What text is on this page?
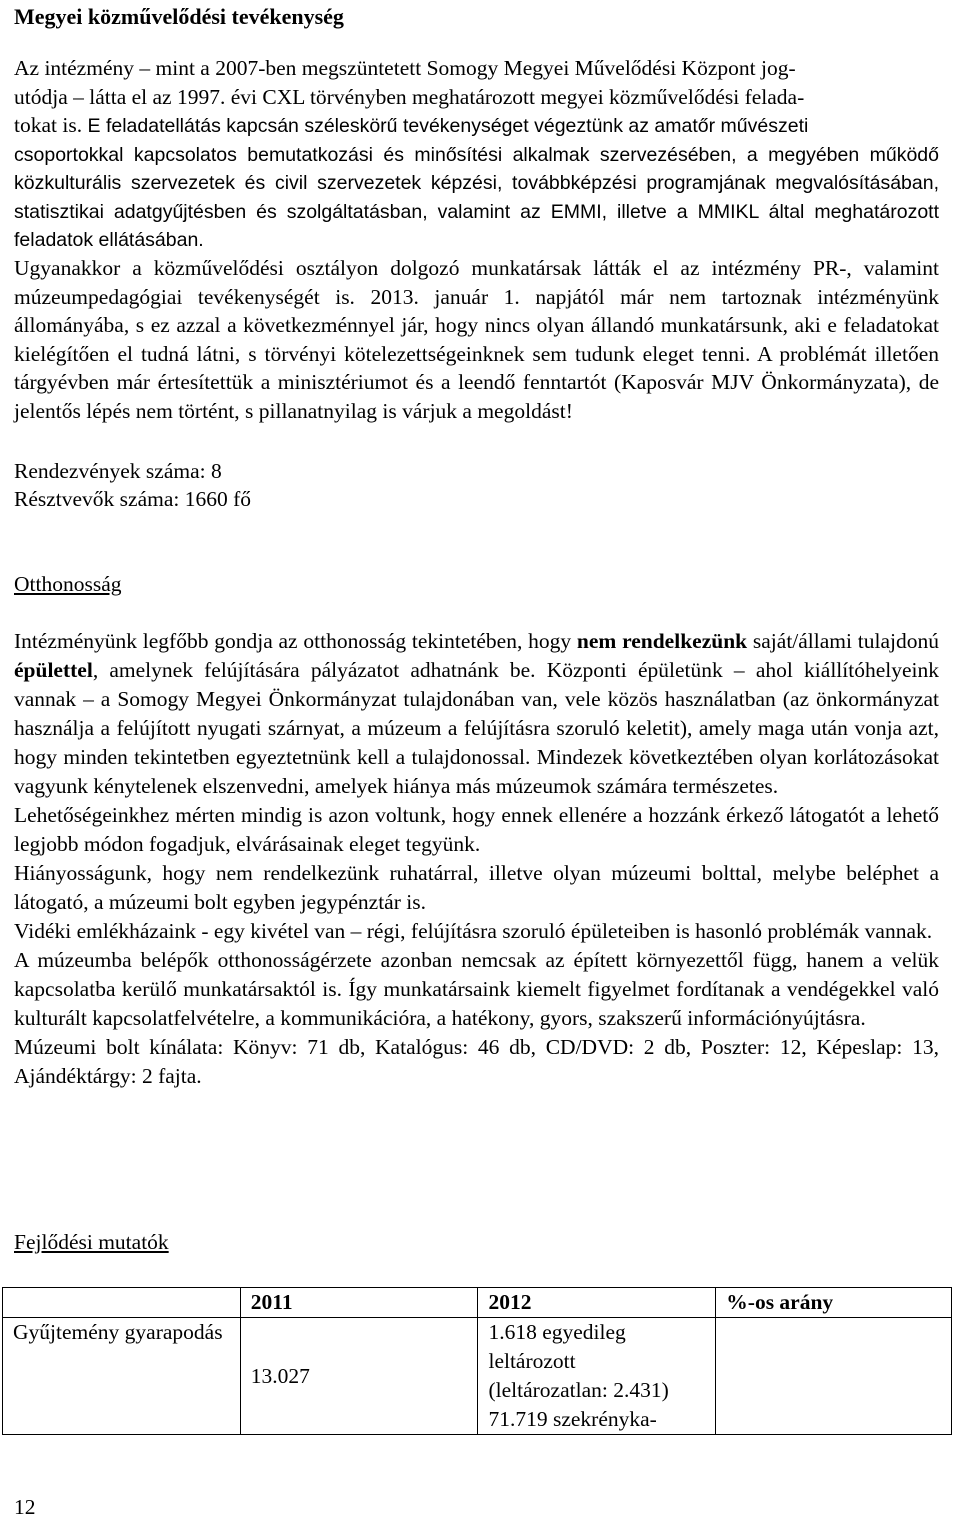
Megyei közművelődési tevékenység

Az intézmény – mint a 2007-ben megszüntetett Somogy Megyei Művelődési Központ jog-

utódja – látta el az 1997. évi CXL törvényben meghatározott megyei közművelődési felada-

tokat is. E feladatellátás kapcsán széleskörű tevékenységet végeztünk az amatőr művészeti

csoportokkal kapcsolatos bemutatkozási és minősítési alkalmak szervezésében, a megyében működő közkulturális szervezetek és civil szervezetek képzési, továbbképzési programjának megvalósításában, statisztikai adatgyűjtésben és szolgáltatásban, valamint az EMMI, illetve a MMIKL által meghatározott feladatok ellátásában.

Ugyanakkor a közművelődési osztályon dolgozó munkatársak látták el az intézmény PR-, valamint múzeumpedagógiai tevékenységét is. 2013. január 1. napjától már nem tartoznak intézményünk állományába, s ez azzal a következménnyel jár, hogy nincs olyan állandó munkatársunk, aki e feladatokat kielégítően el tudná látni, s törvényi kötelezettségeinknek sem tudunk eleget tenni. A problémát illetően tárgyévben már értesítettük a minisztériumot és a leendő fenntartót (Kaposvár MJV Önkormányzata), de jelentős lépés nem történt, s pillanatnyilag is várjuk a megoldást!

Rendezvények száma: 8
Résztvevők száma: 1660 fő
Otthonosság

Intézményünk legfőbb gondja az otthonosság tekintetében, hogy nem rendelkezünk saját/állami tulajdonú épülettel, amelynek felújítására pályázatot adhatnánk be. Központi épületünk – ahol kiállítóhelyeink vannak – a Somogy Megyei Önkormányzat tulajdonában van, vele közös használatban (az önkormányzat használja a felújított nyugati szárnyat, a múzeum a felújításra szoruló keletit), amely maga után vonja azt, hogy minden tekintetben egyeztetnünk kell a tulajdonossal. Mindezek következtében olyan korlátozásokat vagyunk kénytelenek elszenvedni, amelyek hiánya más múzeumok számára természetes.

Lehetőségeinkhez mérten mindig is azon voltunk, hogy ennek ellenére a hozzánk érkező látogatót a lehető legjobb módon fogadjuk, elvárásainak eleget tegyünk.

Hiányosságunk, hogy nem rendelkezünk ruhatárral, illetve olyan múzeumi bolttal, melybe beléphet a látogató, a múzeumi bolt egyben jegypénztár is.

Vidéki emlékházaink - egy kivétel van – régi, felújításra szoruló épületeiben is hasonló problémák vannak.

A múzeumba belépők otthonosságérzete azonban nemcsak az épített környezettől függ, hanem a velük kapcsolatba kerülő munkatársaktól is. Így munkatársaink kiemelt figyelmet fordítanak a vendégekkel való kulturált kapcsolatfelvételre, a kommunikációra, a hatékony, gyors, szakszerű információnyújtásra.

Múzeumi bolt kínálata: Könyv: 71 db, Katalógus: 46 db, CD/DVD: 2 db, Poszter: 12, Képeslap: 13, Ajándéktárgy: 2 fajta.

Fejlődési mutatók
	2011	2012	%-os arány
Gyűjtemény gyarapodás	13.027	1.618 egyedileg leltározott
(leltározatlan: 2.431)
71.719 szekrényka-	

12
